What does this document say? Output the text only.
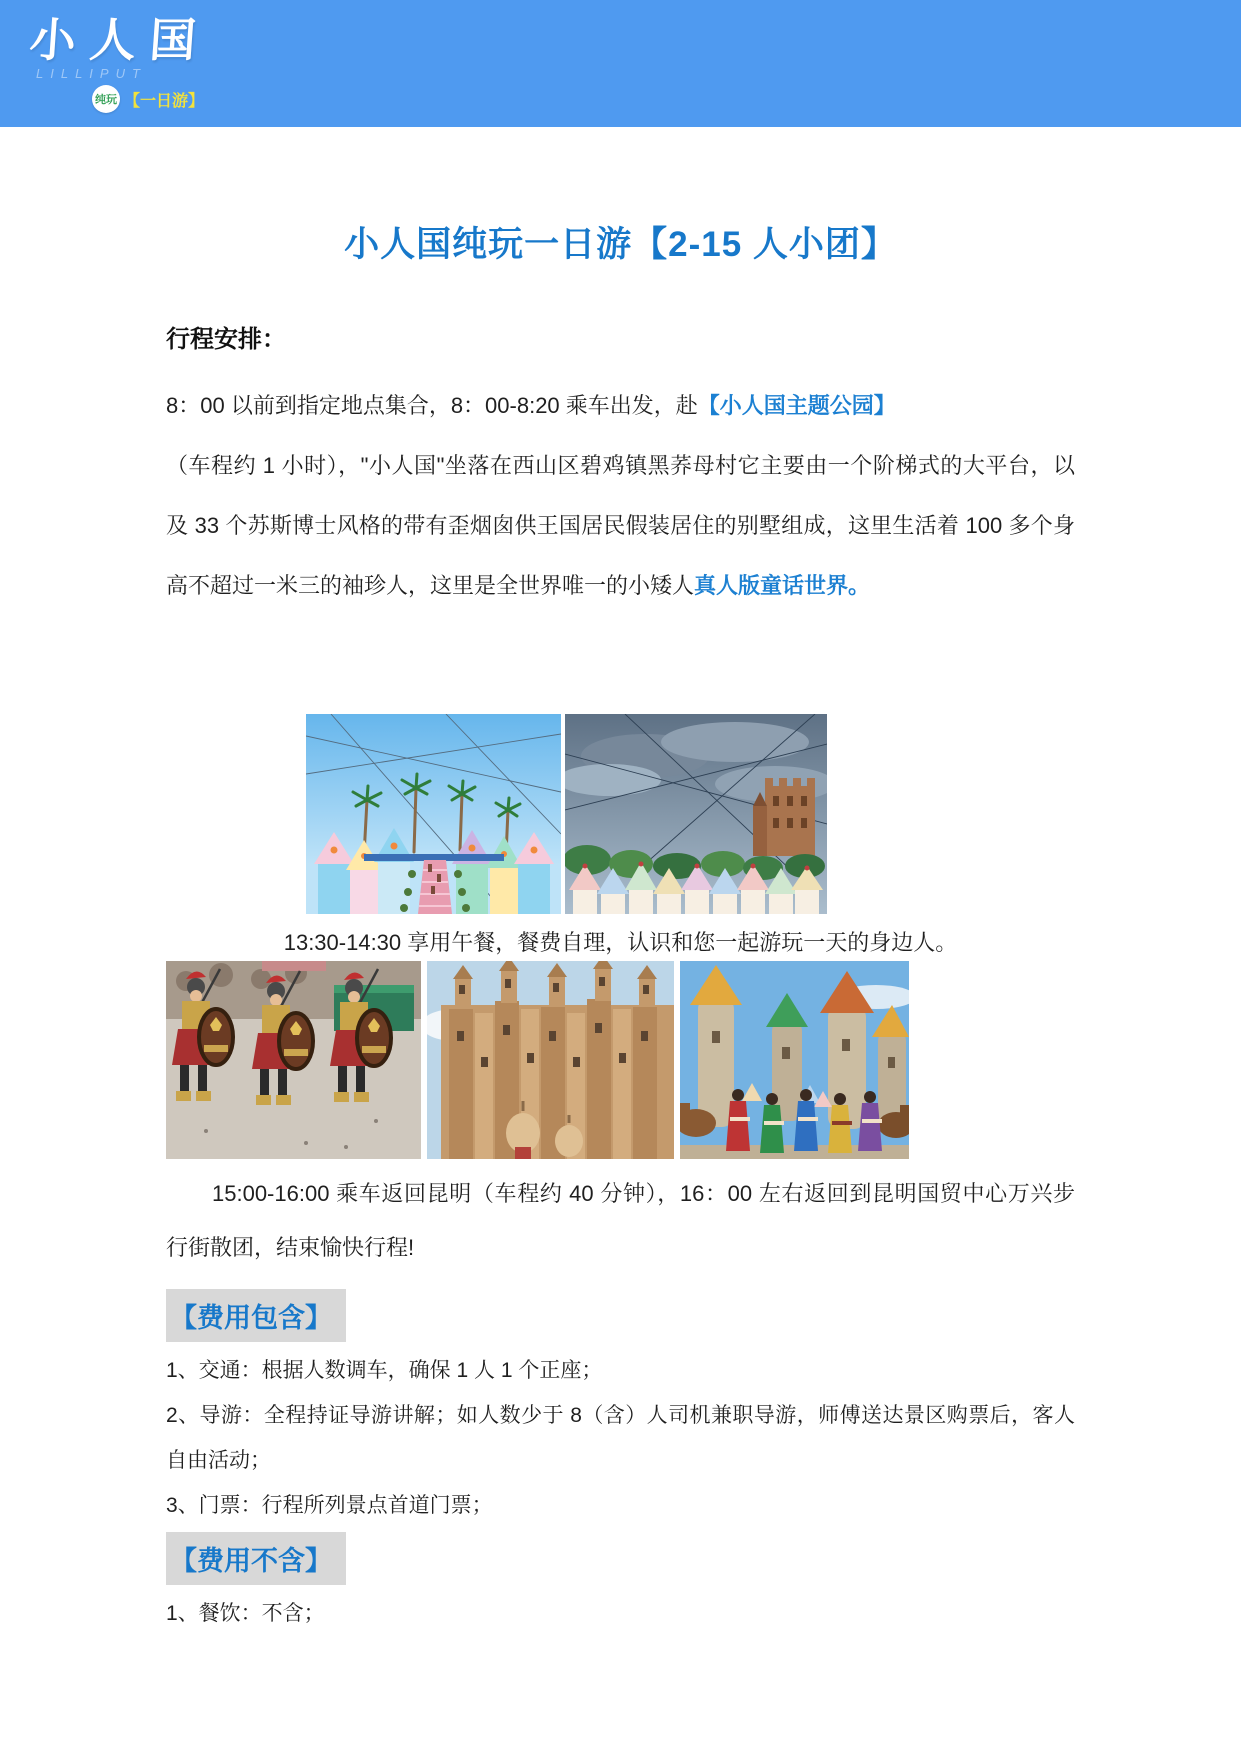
小人国
LILLIPUT
纯玩 【一日游】
小人国纯玩一日游【2-15 人小团】
行程安排：

8：00 以前到指定地点集合，8：00-8:20 乘车出发，赴【小人国主题公园】
（车程约 1 小时），"小人国"坐落在西山区碧鸡镇黑荞母村它主要由一个阶梯式的大平台，以及 33 个苏斯博士风格的带有歪烟囱供王国居民假装居住的别墅组成，这里生活着 100 多个身高不超过一米三的袖珍人，这里是全世界唯一的小矮人真人版童话世界。

13:30-14:30 享用午餐，餐费自理，认识和您一起游玩一天的身边人。

15:00-16:00 乘车返回昆明（车程约 40 分钟），16：00 左右返回到昆明国贸中心万兴步行街散团，结束愉快行程!

【费用包含】
1、交通：根据人数调车，确保 1 人 1 个正座；
2、导游：全程持证导游讲解；如人数少于 8（含）人司机兼职导游，师傅送达景区购票后，客人自由活动；
3、门票：行程所列景点首道门票；
【费用不含】
1、餐饮：不含；
